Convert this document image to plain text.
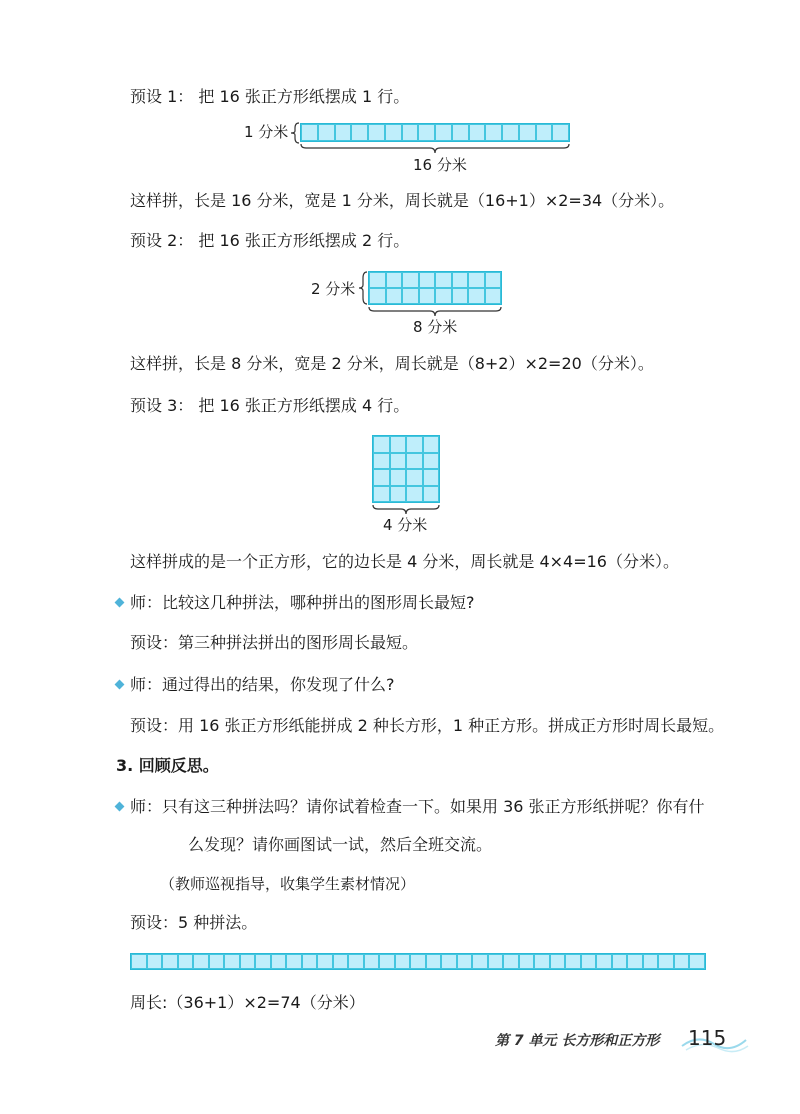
预设 1： 把 16 张正方形纸摆成 1 行。
1 分米
16 分米
这样拼，长是 16 分米，宽是 1 分米，周长就是（16+1）×2=34（分米）。
预设 2： 把 16 张正方形纸摆成 2 行。
2 分米
8 分米
这样拼，长是 8 分米，宽是 2 分米，周长就是（8+2）×2=20（分米）。
预设 3： 把 16 张正方形纸摆成 4 行。
4 分米
这样拼成的是一个正方形，它的边长是 4 分米，周长就是 4×4=16（分米）。
师：比较这几种拼法，哪种拼出的图形周长最短?
预设：第三种拼法拼出的图形周长最短。
师：通过得出的结果，你发现了什么?
预设：用 16 张正方形纸能拼成 2 种长方形，1 种正方形。拼成正方形时周长最短。
3. 回顾反思。
师：只有这三种拼法吗？请你试着检查一下。如果用 36 张正方形纸拼呢？你有什
么发现？请你画图试一试，然后全班交流。
（教师巡视指导，收集学生素材情况）
预设：5 种拼法。
周长:（36+1）×2=74（分米）
第 7 单元 长方形和正方形 115
